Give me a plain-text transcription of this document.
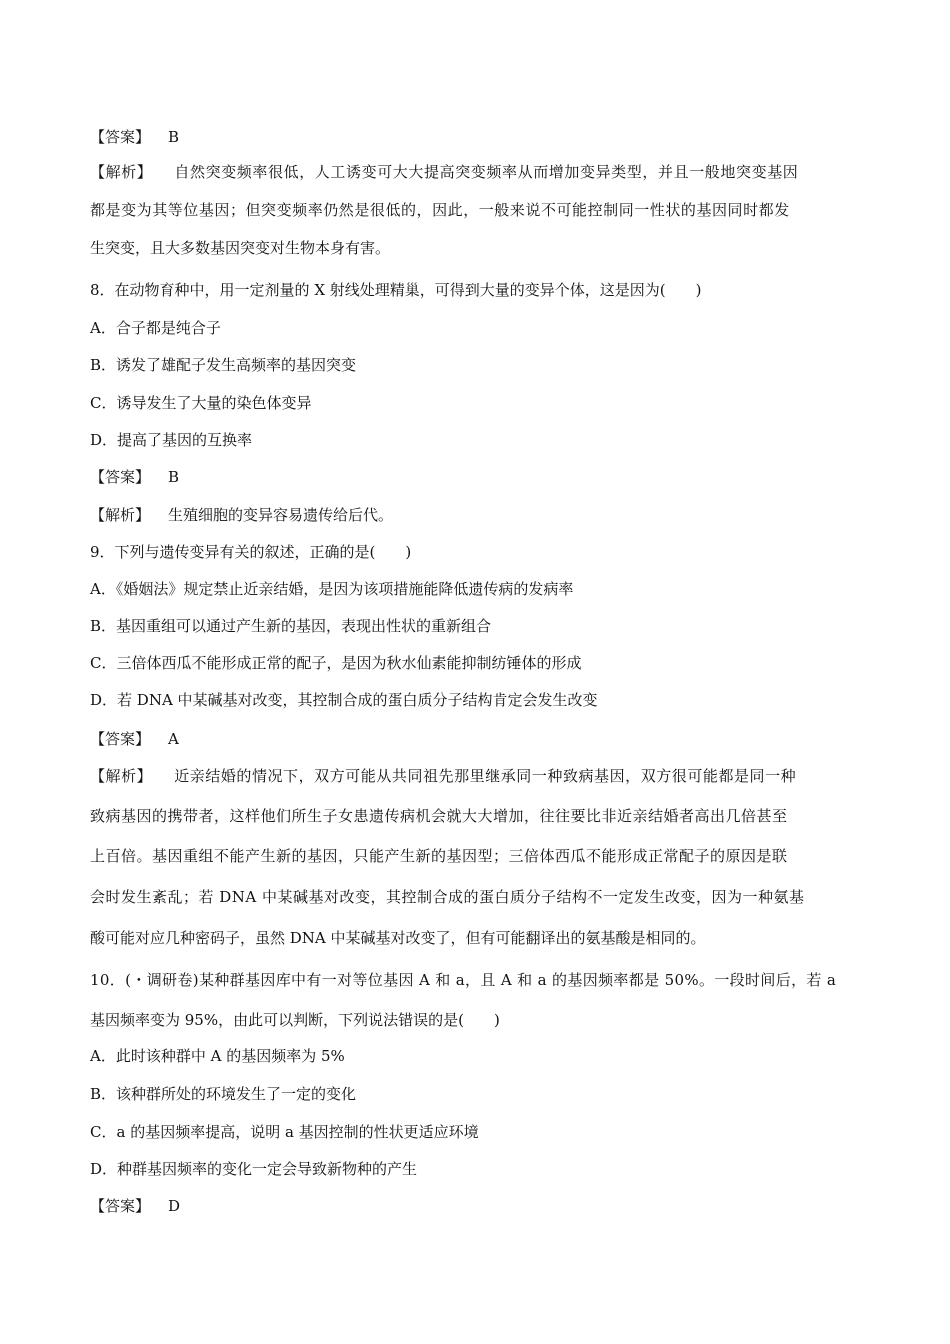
【答案】 B
【解析】 自然突变频率很低，人工诱变可大大提高突变频率从而增加变异类型，并且一般地突变基因
都是变为其等位基因；但突变频率仍然是很低的，因此，一般来说不可能控制同一性状的基因同时都发
生突变，且大多数基因突变对生物本身有害。
8．在动物育种中，用一定剂量的 X 射线处理精巢，可得到大量的变异个体，这是因为(　　)
A．合子都是纯合子
B．诱发了雄配子发生高频率的基因突变
C．诱导发生了大量的染色体变异
D．提高了基因的互换率
【答案】 B
【解析】 生殖细胞的变异容易遗传给后代。
9．下列与遗传变异有关的叙述，正确的是(　　)
A．《婚姻法》规定禁止近亲结婚，是因为该项措施能降低遗传病的发病率
B．基因重组可以通过产生新的基因，表现出性状的重新组合
C．三倍体西瓜不能形成正常的配子，是因为秋水仙素能抑制纺锤体的形成
D．若 DNA 中某碱基对改变，其控制合成的蛋白质分子结构肯定会发生改变
【答案】 A
【解析】 近亲结婚的情况下，双方可能从共同祖先那里继承同一种致病基因，双方很可能都是同一种
致病基因的携带者，这样他们所生子女患遗传病机会就大大增加，往往要比非近亲结婚者高出几倍甚至
上百倍。基因重组不能产生新的基因，只能产生新的基因型；三倍体西瓜不能形成正常配子的原因是联
会时发生紊乱；若 DNA 中某碱基对改变，其控制合成的蛋白质分子结构不一定发生改变，因为一种氨基
酸可能对应几种密码子，虽然 DNA 中某碱基对改变了，但有可能翻译出的氨基酸是相同的。
10．(・调研卷)某种群基因库中有一对等位基因 A 和 a，且 A 和 a 的基因频率都是 50%。一段时间后，若 a
基因频率变为 95%，由此可以判断，下列说法错误的是(　　)
A．此时该种群中 A 的基因频率为 5%
B．该种群所处的环境发生了一定的变化
C．a 的基因频率提高，说明 a 基因控制的性状更适应环境
D．种群基因频率的变化一定会导致新物种的产生
【答案】 D
